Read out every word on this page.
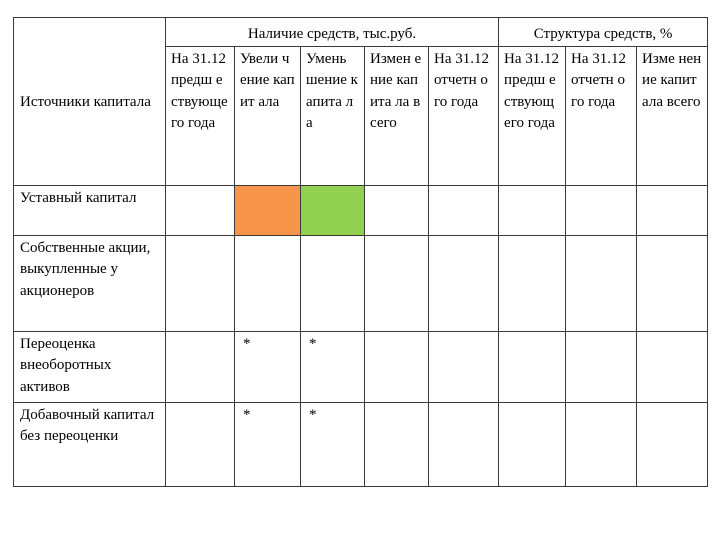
Источники капитала	Наличие средств, тыс.руб.					Структура средств, %		
	На 31.12 предш ествующего года	Увели чение капит ала	Умень шение капита ла	Измен ение капита ла всего	На 31.12 отчетн ого года	На 31.12 предш ествующего года	На 31.12 отчетн ого года	Изме нение капит ала всего
Уставный капитал								
Собственные акции, выкупленные у акционеров								
Переоценка внеоборотных активов		*	*					
Добавочный капитал без переоценки		*	*					
